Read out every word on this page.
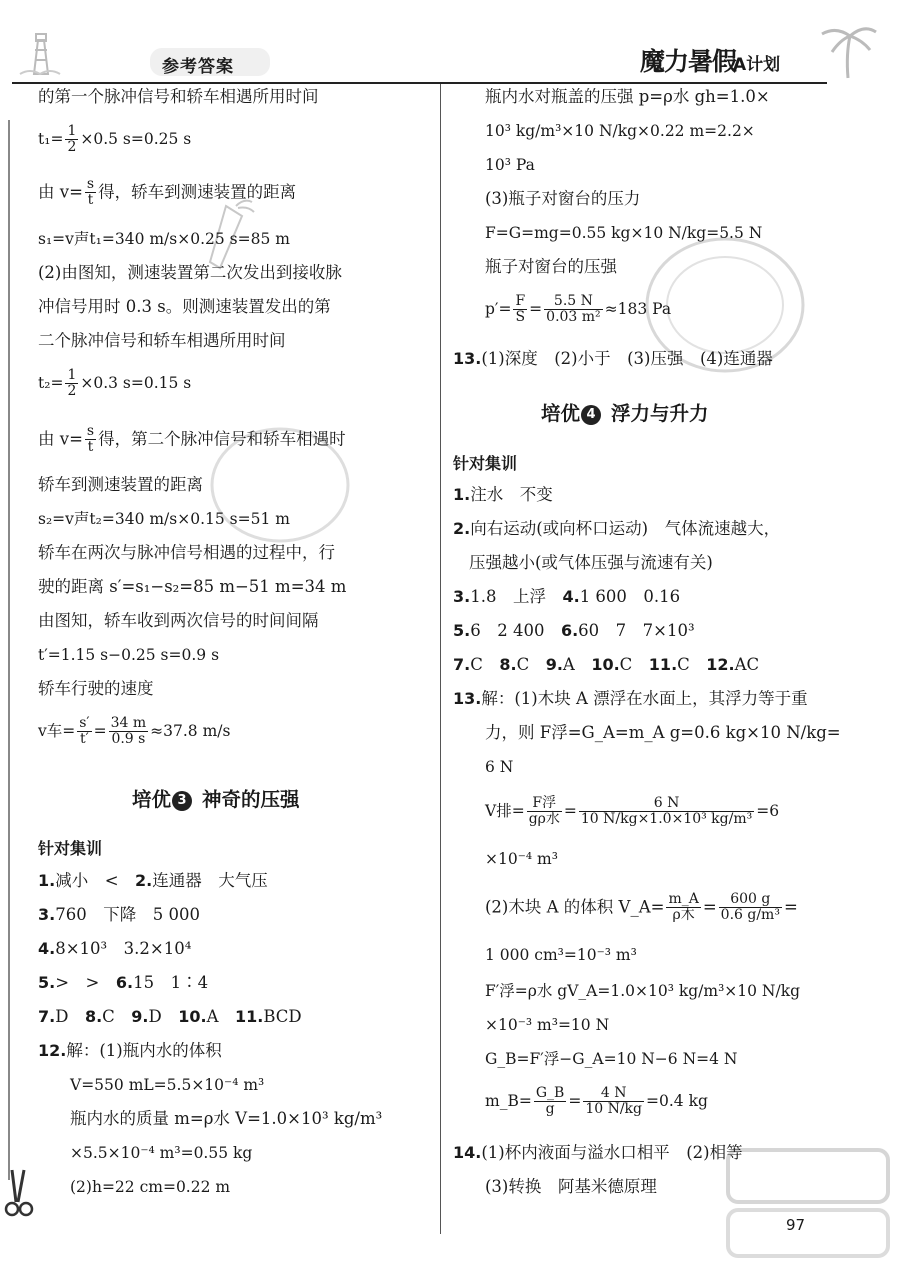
参考答案	魔力暑假
A计划
的第一个脉冲信号和轿车相遇所用时间
$t_1= \frac{1}{2} \times 0.5$ s=0.25 s
由 $v= \frac{s}{t}$ 得，轿车到测速装置的距离
s₁=v声t₁=340 m/s×0.25 s=85 m
(2)由图知，测速装置第二次发出到接收脉
冲信号用时 0.3 s。则测速装置发出的第
二个脉冲信号和轿车相遇所用时间
$t_2= \frac{1}{2} \times 0.3$ s=0.15 s
由 $v= \frac{s}{t}$ 得，第二个脉冲信号和轿车相遇时
轿车到测速装置的距离
s₂=v声t₂=340 m/s×0.15 s=51 m
轿车在两次与脉冲信号相遇的过程中，行
驶的距离 s′=s₁−s₂=85 m−51 m=34 m
由图知，轿车收到两次信号的时间间隔
t′=1.15 s−0.25 s=0.9 s
轿车行驶的速度
v车= $\frac{s'}{t'} = \frac{34 m}{0.9 s} \approx 37.8$ m/s
培优 3 神奇的压强
针对集训
1.减小　<　2.连通器　大气压
3.760　下降　5 000
4.8×10³　3.2×10⁴
5.>　>　6.15　1∶4
7.D　8.C　9.D　10.A　11.BCD
12.解：(1)瓶内水的体积
V=550 mL=5.5×10⁻⁴ m³
瓶内水的质量 m=ρ水 V=1.0×10³ kg/m³
×5.5×10⁻⁴ m³=0.55 kg
(2)h=22 cm=0.22 m
瓶内水对瓶盖的压强 p=ρ水 gh=1.0×
10³ kg/m³×10 N/kg×0.22 m=2.2×
10³ Pa
(3)瓶子对窗台的压力
F=G=mg=0.55 kg×10 N/kg=5.5 N
瓶子对窗台的压强
$p'= \frac{F}{S} = \frac{5.5 N}{\text{0.03 m²}} \approx 183$ Pa
13.(1)深度　(2)小于　(3)压强　(4)连通器
培优 4 浮力与升力
针对集训
1.注水　不变
2.向右运动(或向杯口运动)　气体流速越大，
压强越小(或气体压强与流速有关)
3.1.8　上浮　4.1 600　0.16
5.6　2 400　6.60　7　7×10³
7.C　8.C　9.A　10.C　11.C　12.AC
13.解：(1)木块 A 漂浮在水面上，其浮力等于重
力，则 F浮=G_A=m_A g=0.6 kg×10 N/kg=
6 N
V排= $\frac{\text{F浮}}{\text{gρ水}} = \frac{6 N}{\text{10 N/kg×1.0×10³ kg/m³}} =6$
×10⁻⁴ m³
(2)木块 A 的体积 V_A= $\frac{m\_A}{\text{ρ木}} = \frac{600 g}{\text{0.6 g/m³}}$ =
1 000 cm³=10⁻³ m³
F′浮=ρ水 gV_A=1.0×10³ kg/m³×10 N/kg
×10⁻³ m³=10 N
G_B=F′浮−G_A=10 N−6 N=4 N
m_B= $\frac{G\_B}{g} = \frac{4 N}{10 N/kg} =0.4$ kg
14.(1)杯内液面与溢水口相平　(2)相等
(3)转换　阿基米德原理
97
